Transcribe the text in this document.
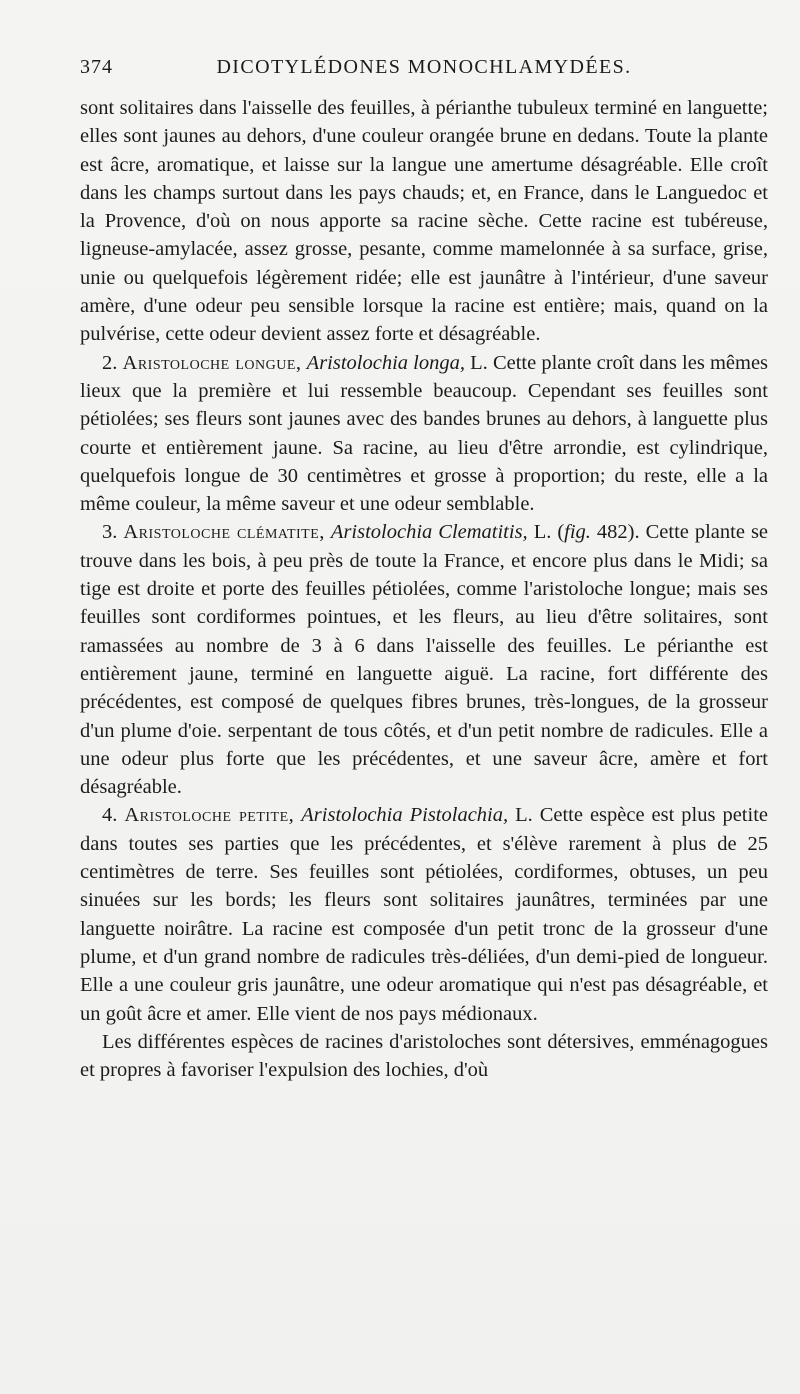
374	DICOTYLÉDONES MONOCHLAMYDÉES.

sont solitaires dans l'aisselle des feuilles, à périanthe tubuleux terminé en languette; elles sont jaunes au dehors, d'une couleur orangée brune en dedans. Toute la plante est âcre, aromatique, et laisse sur la langue une amertume désagréable. Elle croît dans les champs surtout dans les pays chauds; et, en France, dans le Languedoc et la Provence, d'où on nous apporte sa racine sèche. Cette racine est tubéreuse, ligneuse-amylacée, assez grosse, pesante, comme mamelonnée à sa surface, grise, unie ou quelquefois légèrement ridée; elle est jaunâtre à l'intérieur, d'une saveur amère, d'une odeur peu sensible lorsque la racine est entière; mais, quand on la pulvérise, cette odeur devient assez forte et désagréable.

2. Aristoloche longue, Aristolochia longa, L. Cette plante croît dans les mêmes lieux que la première et lui ressemble beaucoup. Cependant ses feuilles sont pétiolées; ses fleurs sont jaunes avec des bandes brunes au dehors, à languette plus courte et entièrement jaune. Sa racine, au lieu d'être arrondie, est cylindrique, quelquefois longue de 30 centimètres et grosse à proportion; du reste, elle a la même couleur, la même saveur et une odeur semblable.

3. Aristoloche clématite, Aristolochia Clematitis, L. (fig. 482). Cette plante se trouve dans les bois, à peu près de toute la France, et encore plus dans le Midi; sa tige est droite et porte des feuilles pétiolées, comme l'aristoloche longue; mais ses feuilles sont cordiformes pointues, et les fleurs, au lieu d'être solitaires, sont ramassées au nombre de 3 à 6 dans l'aisselle des feuilles. Le périanthe est entièrement jaune, terminé en languette aiguë. La racine, fort différente des précédentes, est composé de quelques fibres brunes, très-longues, de la grosseur d'un plume d'oie. serpentant de tous côtés, et d'un petit nombre de radicules. Elle a une odeur plus forte que les précédentes, et une saveur âcre, amère et fort désagréable.

4. Aristoloche petite, Aristolochia Pistolachia, L. Cette espèce est plus petite dans toutes ses parties que les précédentes, et s'élève rarement à plus de 25 centimètres de terre. Ses feuilles sont pétiolées, cordiformes, obtuses, un peu sinuées sur les bords; les fleurs sont solitaires jaunâtres, terminées par une languette noirâtre. La racine est composée d'un petit tronc de la grosseur d'une plume, et d'un grand nombre de radicules très-déliées, d'un demi-pied de longueur. Elle a une couleur gris jaunâtre, une odeur aromatique qui n'est pas désagréable, et un goût âcre et amer. Elle vient de nos pays médionaux.

Les différentes espèces de racines d'aristoloches sont détersives, emménagogues et propres à favoriser l'expulsion des lochies, d'où
